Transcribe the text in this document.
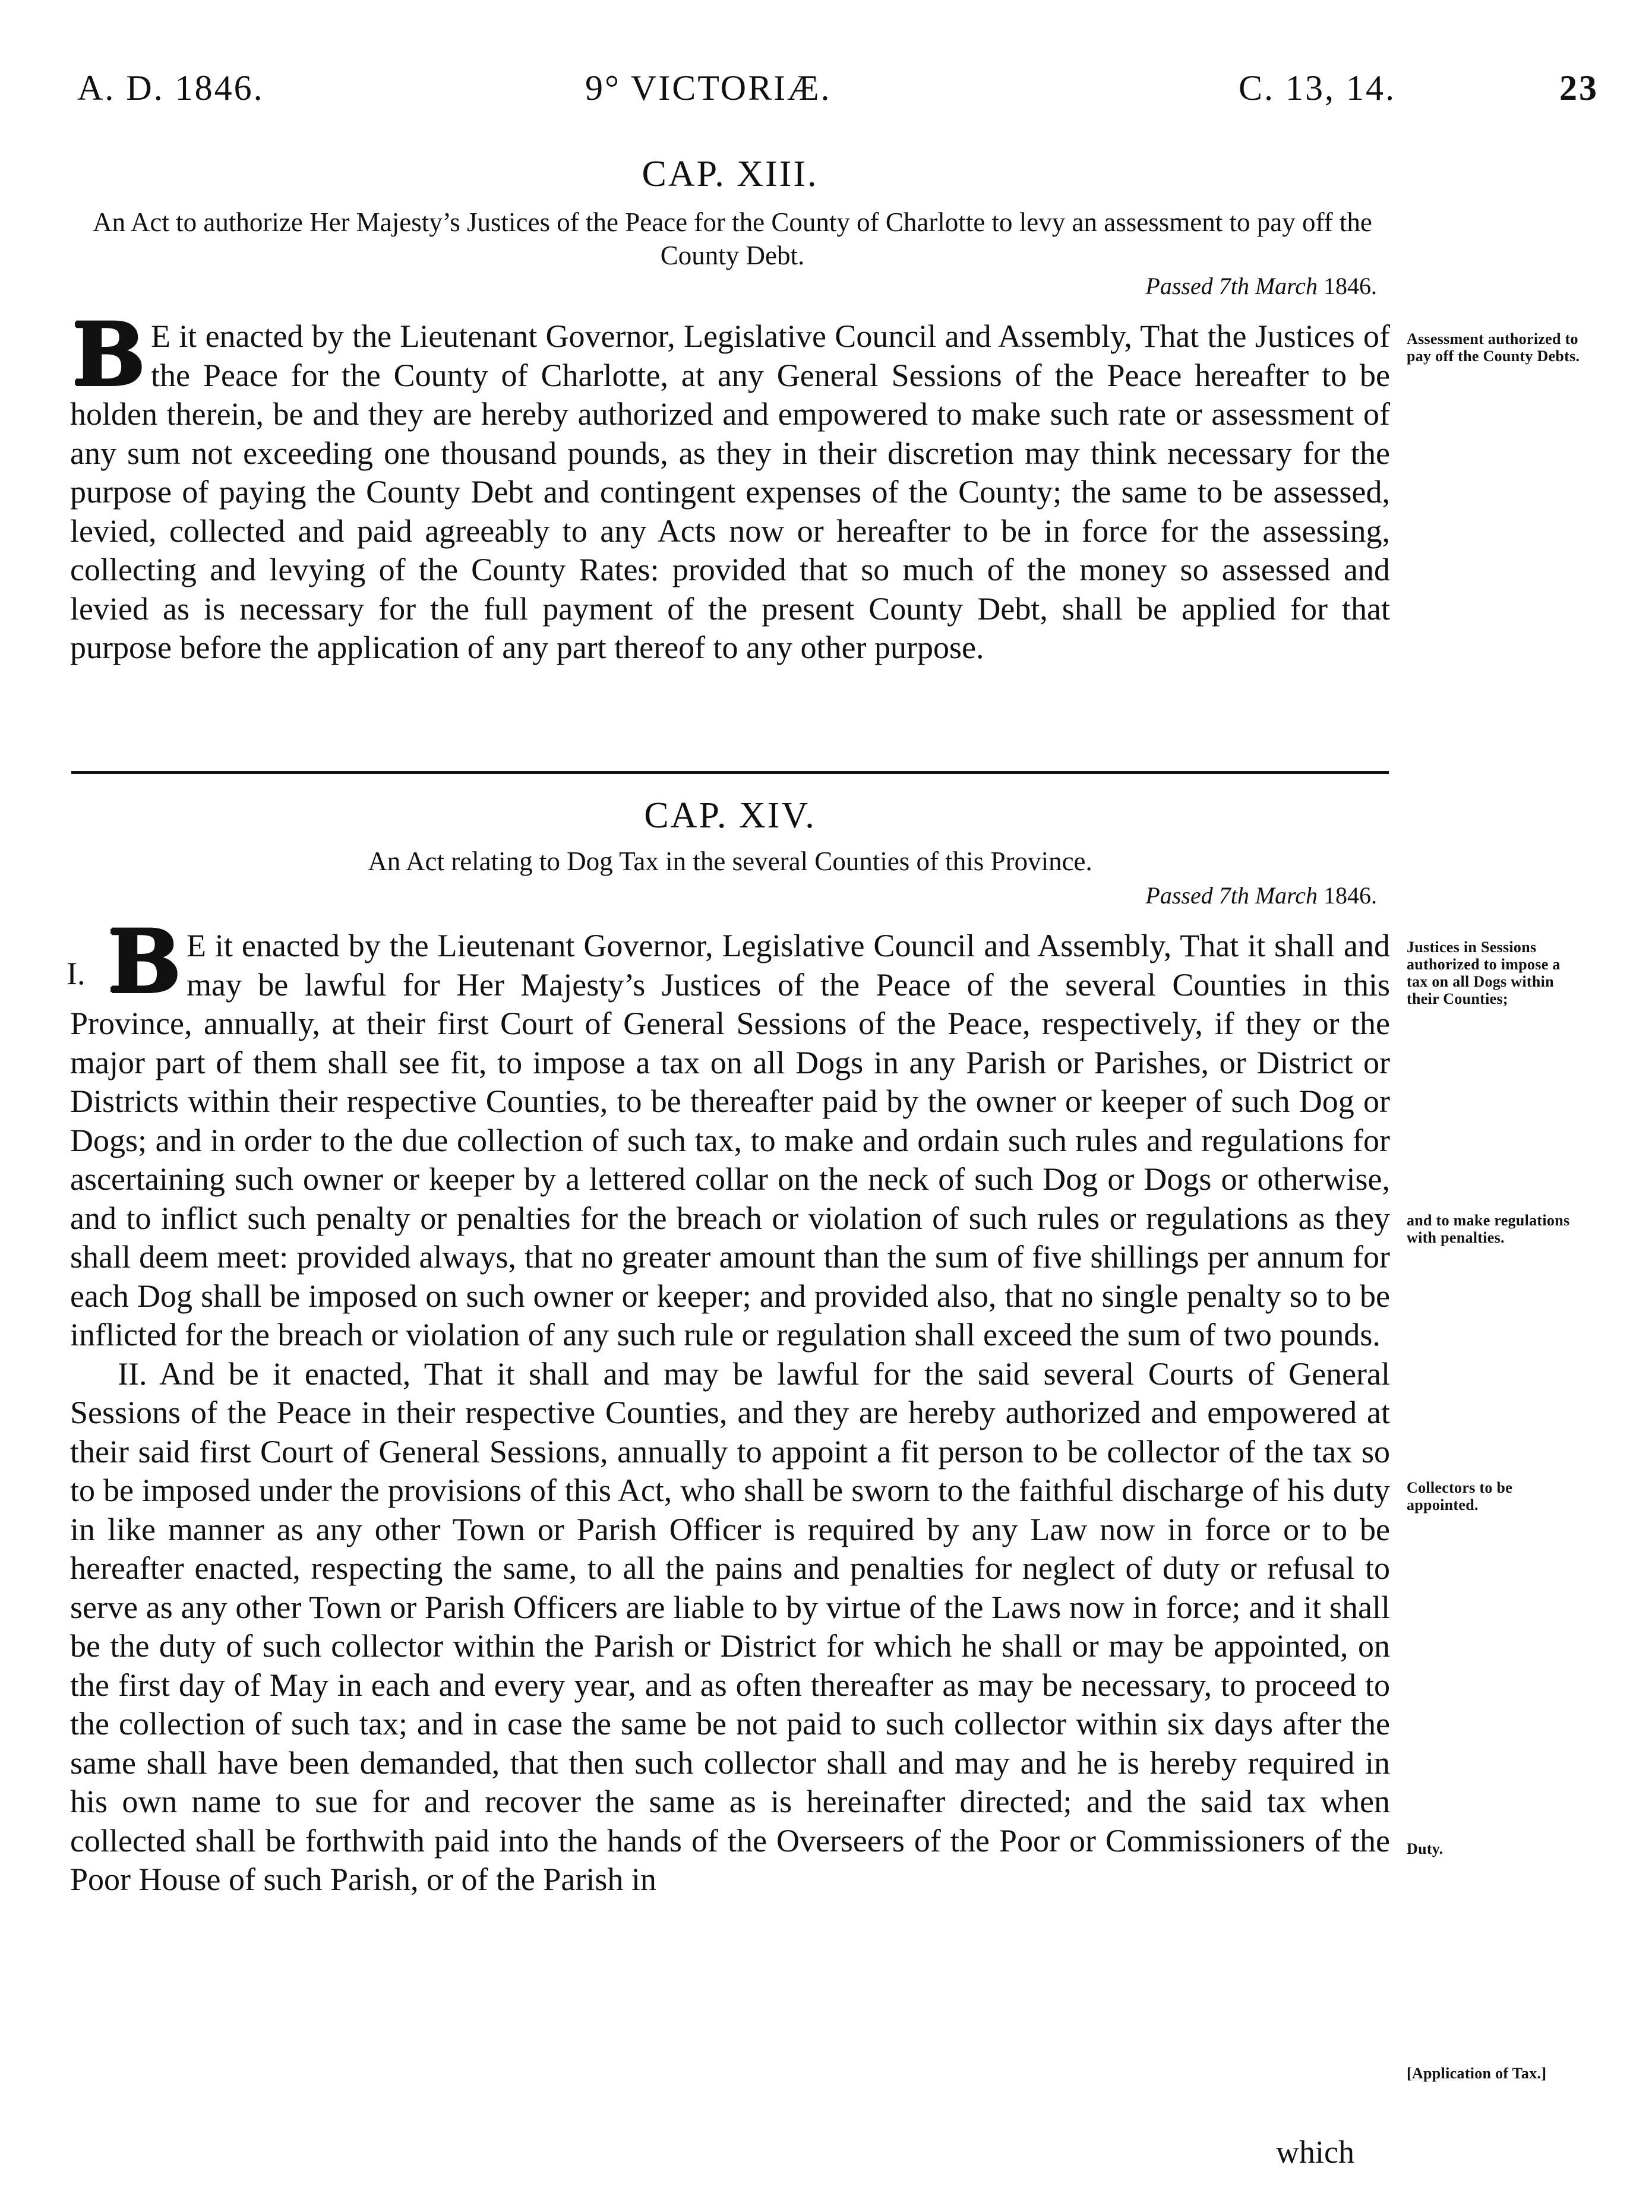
A. D. 1846.	9° VICTORIÆ.	C. 13, 14.	23

CAP. XIII.

An Act to authorize Her Majesty’s Justices of the Peace for the County of Charlotte to levy an assessment to pay off the County Debt.

Passed 7th March 1846.
B E it enacted by the Lieutenant Governor, Legislative Council and Assembly, That the Justices of the Peace for the County of Charlotte, at any General Sessions of the Peace hereafter to be holden therein, be and they are hereby authorized and empowered to make such rate or assessment of any sum not exceeding one thousand pounds, as they in their discretion may think necessary for the purpose of paying the County Debt and contingent expenses of the County; the same to be assessed, levied, collected and paid agreeably to any Acts now or hereafter to be in force for the assessing, collecting and levying of the County Rates: provided that so much of the money so assessed and levied as is necessary for the full payment of the present County Debt, shall be applied for that purpose before the application of any part thereof to any other purpose.

Assessment authorized to pay off the County Debts.

CAP. XIV.

An Act relating to Dog Tax in the several Counties of this Province.

Passed 7th March 1846.
I. B E it enacted by the Lieutenant Governor, Legislative Council and Assembly, That it shall and may be lawful for Her Majesty’s Justices of the Peace of the several Counties in this Province, annually, at their first Court of General Sessions of the Peace, respectively, if they or the major part of them shall see fit, to impose a tax on all Dogs in any Parish or Parishes, or District or Districts within their respective Counties, to be thereafter paid by the owner or keeper of such Dog or Dogs; and in order to the due collection of such tax, to make and ordain such rules and regulations for ascertaining such owner or keeper by a lettered collar on the neck of such Dog or Dogs or otherwise, and to inflict such penalty or penalties for the breach or violation of such rules or regulations as they shall deem meet: provided always, that no greater amount than the sum of five shillings per annum for each Dog shall be imposed on such owner or keeper; and provided also, that no single penalty so to be inflicted for the breach or violation of any such rule or regulation shall exceed the sum of two pounds.

II. And be it enacted, That it shall and may be lawful for the said several Courts of General Sessions of the Peace in their respective Counties, and they are hereby authorized and empowered at their said first Court of General Sessions, annually to appoint a fit person to be collector of the tax so to be imposed under the provisions of this Act, who shall be sworn to the faithful discharge of his duty in like manner as any other Town or Parish Officer is required by any Law now in force or to be hereafter enacted, respecting the same, to all the pains and penalties for neglect of duty or refusal to serve as any other Town or Parish Officers are liable to by virtue of the Laws now in force; and it shall be the duty of such collector within the Parish or District for which he shall or may be appointed, on the first day of May in each and every year, and as often thereafter as may be necessary, to proceed to the collection of such tax; and in case the same be not paid to such collector within six days after the same shall have been demanded, that then such collector shall and may and he is hereby required in his own name to sue for and recover the same as is hereinafter directed; and the said tax when collected shall be forthwith paid into the hands of the Overseers of the Poor or Commissioners of the Poor House of such Parish, or of the Parish in

which
Justices in Sessions authorized to impose a tax on all Dogs within their Counties;
and to make regulations with penalties.
Collectors to be appointed.
Duty.
[Application of Tax.]
